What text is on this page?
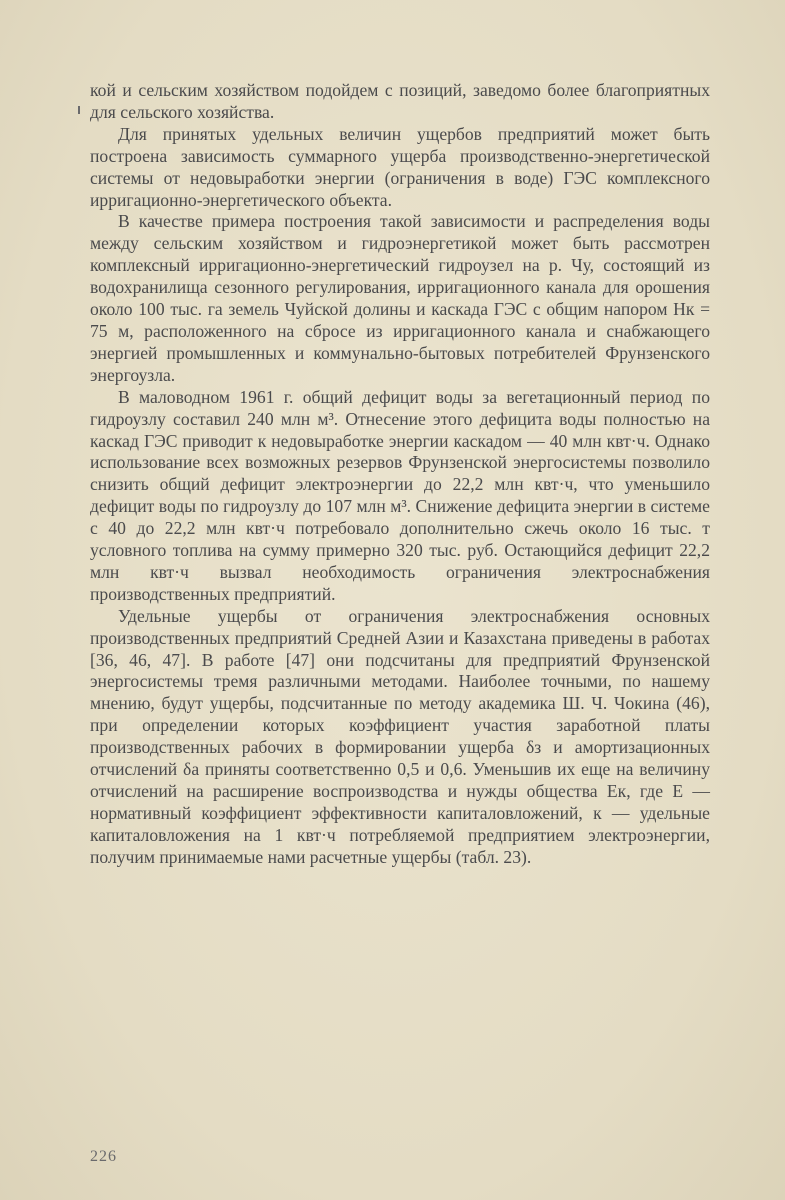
кой и сельским хозяйством подойдем с позиций, заведомо более благоприятных для сельского хозяйства.

Для принятых удельных величин ущербов предприятий может быть построена зависимость суммарного ущерба производственно-энергетической системы от недовыработки энергии (ограничения в воде) ГЭС комплексного ирригационно-энергетического объекта.

В качестве примера построения такой зависимости и распределения воды между сельским хозяйством и гидроэнергетикой может быть рассмотрен комплексный ирригационно-энергетический гидроузел на р. Чу, состоящий из водохранилища сезонного регулирования, ирригационного канала для орошения около 100 тыс. га земель Чуйской долины и каскада ГЭС с общим напором Hк = 75 м, расположенного на сбросе из ирригационного канала и снабжающего энергией промышленных и коммунально-бытовых потребителей Фрунзенского энергоузла.

В маловодном 1961 г. общий дефицит воды за вегетационный период по гидроузлу составил 240 млн м³. Отнесение этого дефицита воды полностью на каскад ГЭС приводит к недовыработке энергии каскадом — 40 млн квт·ч. Однако использование всех возможных резервов Фрунзенской энергосистемы позволило снизить общий дефицит электроэнергии до 22,2 млн квт·ч, что уменьшило дефицит воды по гидроузлу до 107 млн м³. Снижение дефицита энергии в системе с 40 до 22,2 млн квт·ч потребовало дополнительно сжечь около 16 тыс. т условного топлива на сумму примерно 320 тыс. руб. Остающийся дефицит 22,2 млн квт·ч вызвал необходимость ограничения электроснабжения производственных предприятий.

Удельные ущербы от ограничения электроснабжения основных производственных предприятий Средней Азии и Казахстана приведены в работах [36, 46, 47]. В работе [47] они подсчитаны для предприятий Фрунзенской энергосистемы тремя различными методами. Наиболее точными, по нашему мнению, будут ущербы, подсчитанные по методу академика Ш. Ч. Чокина (46), при определении которых коэффициент участия заработной платы производственных рабочих в формировании ущерба δз и амортизационных отчислений δа приняты соответственно 0,5 и 0,6. Уменьшив их еще на величину отчислений на расширение воспроизводства и нужды общества Ек, где Е — нормативный коэффициент эффективности капиталовложений, к — удельные капиталовложения на 1 квт·ч потребляемой предприятием электроэнергии, получим принимаемые нами расчетные ущербы (табл. 23).

226
